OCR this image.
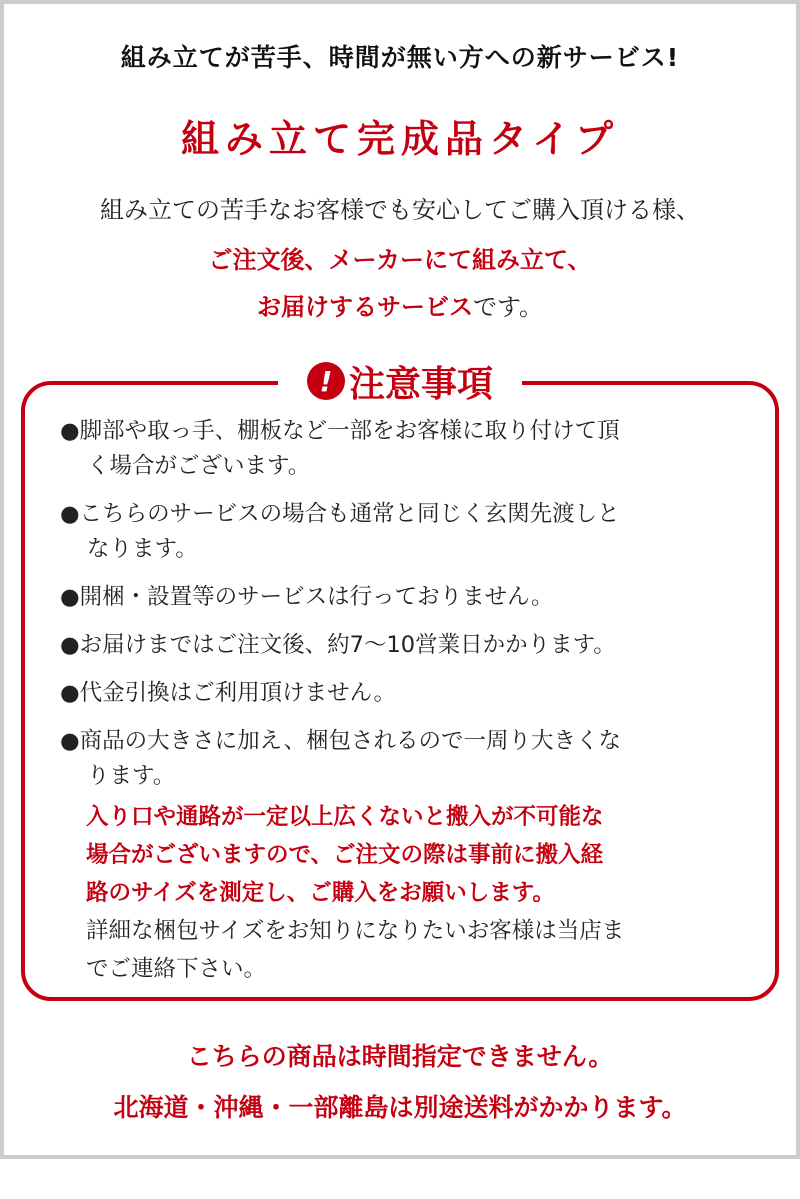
組み立てが苦手、時間が無い方への新サービス!
組み立て完成品タイプ
組み立ての苦手なお客様でも安心してご購入頂ける様、
ご注文後、メーカーにて組み立て、
お届けするサービスです。
! 注意事項
●脚部や取っ手、棚板など一部をお客様に取り付けて頂
く場合がございます。
●こちらのサービスの場合も通常と同じく玄関先渡しと
なります。
●開梱・設置等のサービスは行っておりません。
●お届けまではご注文後、約7～10営業日かかります。
●代金引換はご利用頂けません。
●商品の大きさに加え、梱包されるので一周り大きくな
ります。
入り口や通路が一定以上広くないと搬入が不可能な
場合がございますので、ご注文の際は事前に搬入経
路のサイズを測定し、ご購入をお願いします。
詳細な梱包サイズをお知りになりたいお客様は当店ま
でご連絡下さい。
こちらの商品は時間指定できません。
北海道・沖縄・一部離島は別途送料がかかります。
